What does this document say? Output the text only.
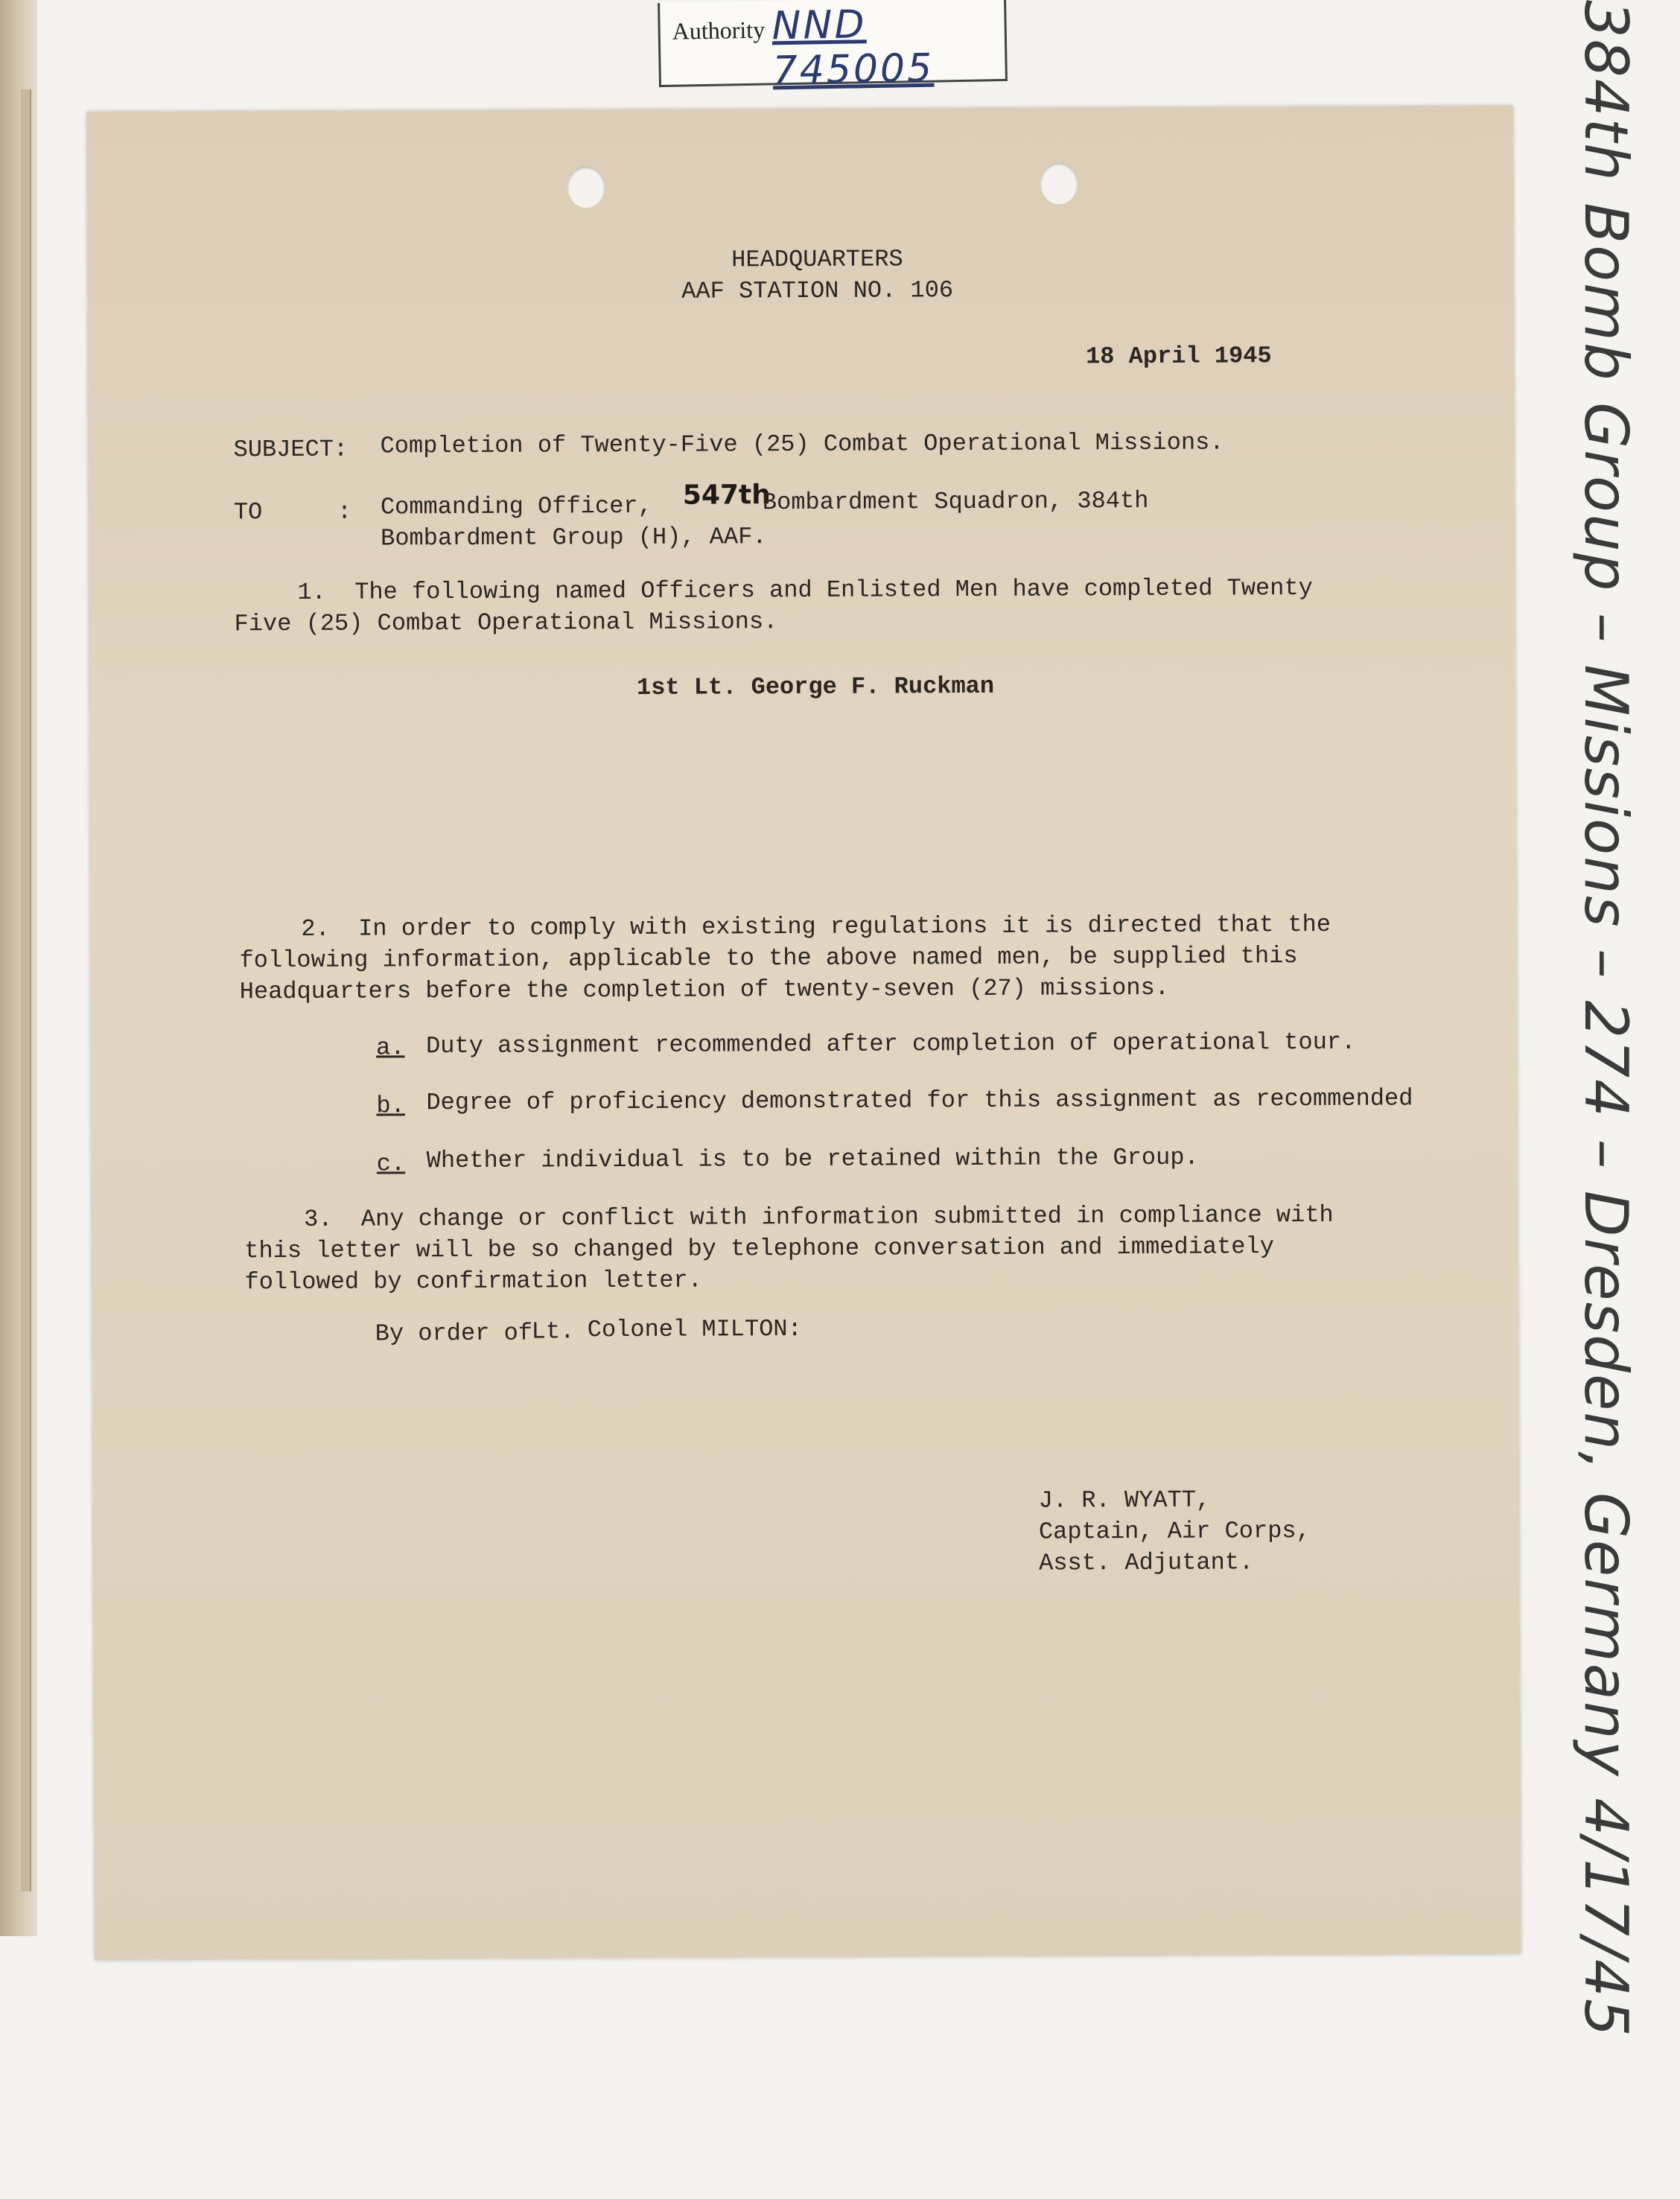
Authority NND 745005	384th Bomb Group – Missions – 274 – Dresden, Germany 4/17/45
HEADQUARTERS
AAF STATION NO. 106
18 April 1945
SUBJECT: Completion of Twenty-Five (25) Combat Operational Missions.
TO	: Commanding Officer, 547th
Bombardment Squadron, 384th
Bombardment Group (H), AAF.
1.  The following named Officers and Enlisted Men have completed Twenty
Five (25) Combat Operational Missions.
1st Lt. George F. Ruckman
2.  In order to comply with existing regulations it is directed that the
following information, applicable to the above named men, be supplied this
Headquarters before the completion of twenty-seven (27) missions.
a. Duty assignment recommended after completion of operational tour.
b. Degree of proficiency demonstrated for this assignment as recommended
c. Whether individual is to be retained within the Group.
3.  Any change or conflict with information submitted in compliance with
this letter will be so changed by telephone conversation and immediately
followed by confirmation letter.
By order of
Lt. Colonel MILTON:
J. R. WYATT,
Captain, Air Corps,
Asst. Adjutant.
